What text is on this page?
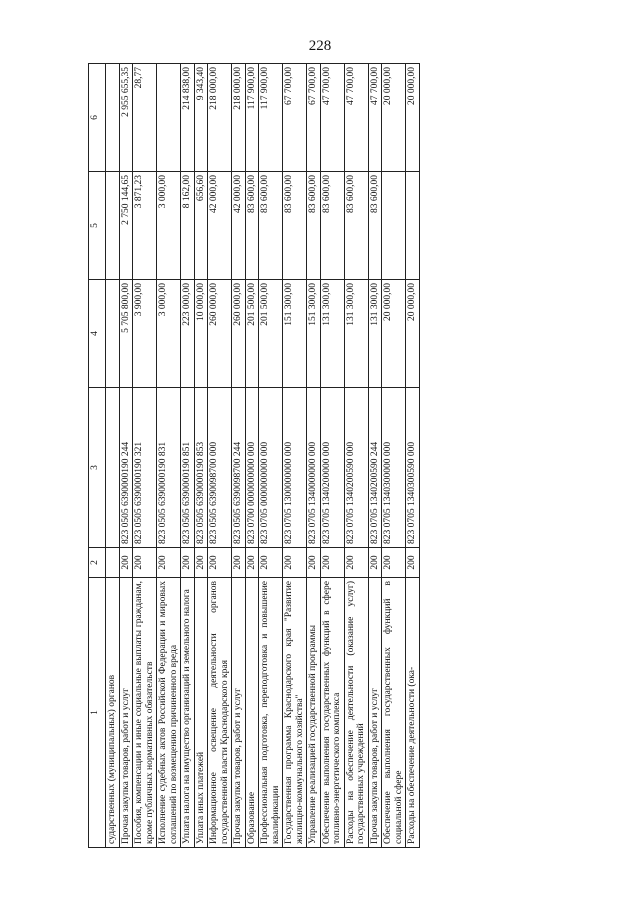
228
1	2	3	4	5	6
сударственных (муниципальных) органов					
Прочая закупка товаров, работ и услуг	200	823 0505 6390000190 244	5 705 800,00	2 750 144,65	2 955 655,35
Пособия, компенсации и иные социальные выплаты гражданам, кроме публичных нормативных обязательств	200	823 0505 6390000190 321	3 900,00	3 871,23	28,77
Исполнение судебных актов Российской Федерации и мировых соглашений по возмещению причиненного вреда	200	823 0505 6390000190 831	3 000,00	3 000,00	
Уплата налога на имущество организаций и земельного налога	200	823 0505 6390000190 851	223 000,00	8 162,00	214 838,00
Уплата иных платежей	200	823 0505 6390000190 853	10 000,00	656,60	9 343,40
Информационное освещение деятельности органов государственной власти Краснодарского края	200	823 0505 6390098700 000	260 000,00	42 000,00	218 000,00
Прочая закупка товаров, работ и услуг	200	823 0505 6390098700 244	260 000,00	42 000,00	218 000,00
Образование	200	823 0700 0000000000 000	201 500,00	83 600,00	117 900,00
Профессиональная подготовка, переподготовка и повышение квалификации	200	823 0705 0000000000 000	201 500,00	83 600,00	117 900,00
Государственная программа Краснодарского края "Развитие жилищно-коммунального хозяйства"	200	823 0705 1300000000 000	151 300,00	83 600,00	67 700,00
Управление реализацией государственной программы	200	823 0705 1340000000 000	151 300,00	83 600,00	67 700,00
Обеспечение выполнения государственных функций в сфере топливно-энергетического комплекса	200	823 0705 1340200000 000	131 300,00	83 600,00	47 700,00
Расходы на обеспечение деятельности (оказание услуг) государственных учреждений	200	823 0705 1340200590 000	131 300,00	83 600,00	47 700,00
Прочая закупка товаров, работ и услуг	200	823 0705 1340200590 244	131 300,00	83 600,00	47 700,00
Обеспечение выполнения государственных функций в социальной сфере	200	823 0705 1340300000 000	20 000,00		20 000,00
Расходы на обеспечение деятельности (ока-	200	823 0705 1340300590 000	20 000,00		20 000,00
